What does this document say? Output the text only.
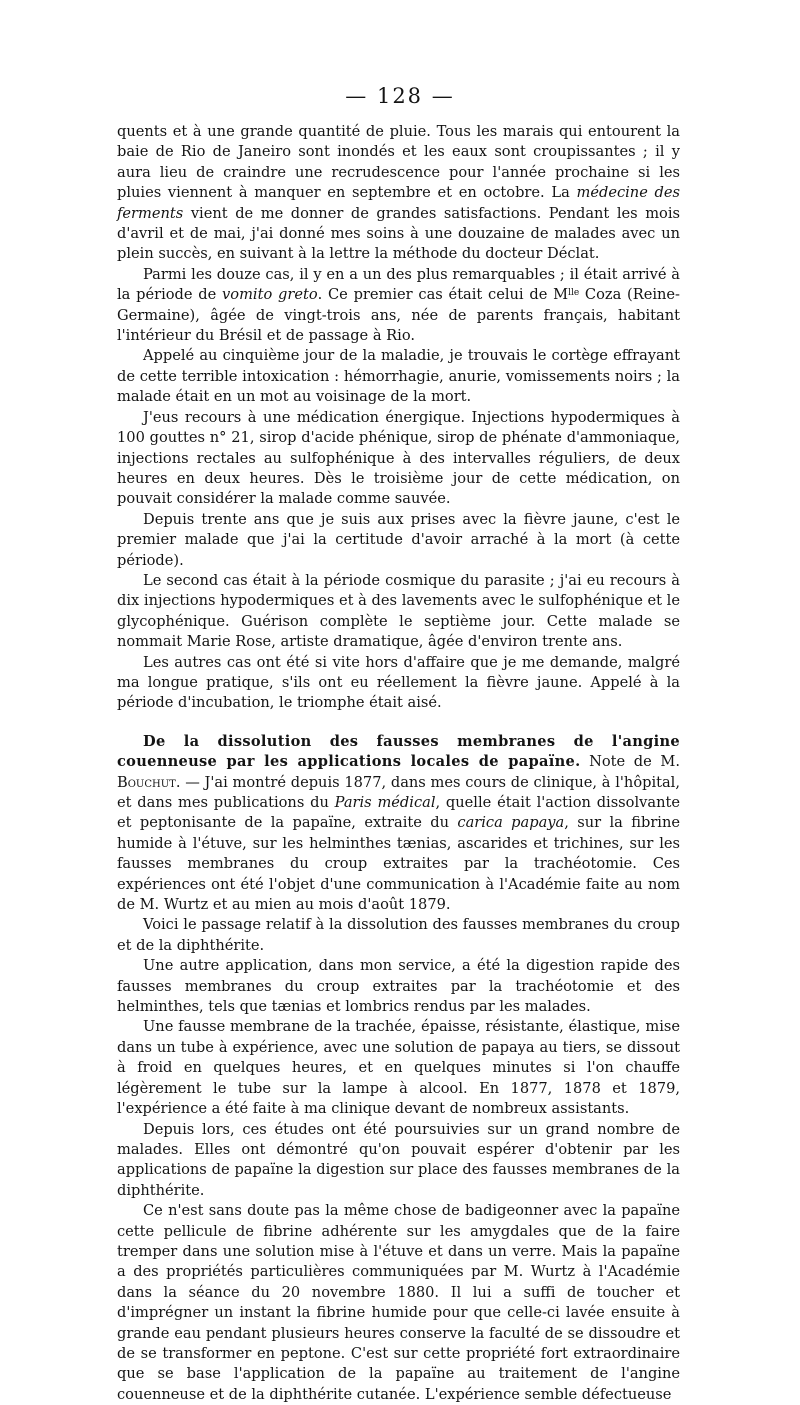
— 128 —

quents et à une grande quantité de pluie. Tous les marais qui entourent la baie de Rio de Janeiro sont inondés et les eaux sont croupissantes ; il y aura lieu de craindre une recrudescence pour l'année prochaine si les pluies viennent à manquer en septembre et en octobre. La médecine des ferments vient de me donner de grandes satisfactions. Pendant les mois d'avril et de mai, j'ai donné mes soins à une douzaine de malades avec un plein succès, en suivant à la lettre la méthode du docteur Déclat.

Parmi les douze cas, il y en a un des plus remarquables ; il était arrivé à la période de vomito greto. Ce premier cas était celui de $M^{lle}$ Coza (Reine-Germaine), âgée de vingt-trois ans, née de parents français, habitant l'intérieur du Brésil et de passage à Rio.

Appelé au cinquième jour de la maladie, je trouvais le cortège effrayant de cette terrible intoxication : hémorrhagie, anurie, vomissements noirs ; la malade était en un mot au voisinage de la mort.

J'eus recours à une médication énergique. Injections hypodermiques à 100 gouttes n° 21, sirop d'acide phénique, sirop de phénate d'ammoniaque, injections rectales au sulfophénique à des intervalles réguliers, de deux heures en deux heures. Dès le troisième jour de cette médication, on pouvait considérer la malade comme sauvée.

Depuis trente ans que je suis aux prises avec la fièvre jaune, c'est le premier malade que j'ai la certitude d'avoir arraché à la mort (à cette période).

Le second cas était à la période cosmique du parasite ; j'ai eu recours à dix injections hypodermiques et à des lavements avec le sulfophénique et le glycophénique. Guérison complète le septième jour. Cette malade se nommait Marie Rose, artiste dramatique, âgée d'environ trente ans.

Les autres cas ont été si vite hors d'affaire que je me demande, malgré ma longue pratique, s'ils ont eu réellement la fièvre jaune. Appelé à la période d'incubation, le triomphe était aisé.

De la dissolution des fausses membranes de l'angine couenneuse par les applications locales de papaïne. Note de M. Bouchut. — J'ai montré depuis 1877, dans mes cours de clinique, à l'hôpital, et dans mes publications du Paris médical, quelle était l'action dissolvante et peptonisante de la papaïne, extraite du carica papaya, sur la fibrine humide à l'étuve, sur les helminthes tænias, ascarides et trichines, sur les fausses membranes du croup extraites par la trachéotomie. Ces expériences ont été l'objet d'une communication à l'Académie faite au nom de M. Wurtz et au mien au mois d'août 1879.

Voici le passage relatif à la dissolution des fausses membranes du croup et de la diphthérite.

Une autre application, dans mon service, a été la digestion rapide des fausses membranes du croup extraites par la trachéotomie et des helminthes, tels que tænias et lombrics rendus par les malades.

Une fausse membrane de la trachée, épaisse, résistante, élastique, mise dans un tube à expérience, avec une solution de papaya au tiers, se dissout à froid en quelques heures, et en quelques minutes si l'on chauffe légèrement le tube sur la lampe à alcool. En 1877, 1878 et 1879, l'expérience a été faite à ma clinique devant de nombreux assistants.

Depuis lors, ces études ont été poursuivies sur un grand nombre de malades. Elles ont démontré qu'on pouvait espérer d'obtenir par les applications de papaïne la digestion sur place des fausses membranes de la diphthérite.

Ce n'est sans doute pas la même chose de badigeonner avec la papaïne cette pellicule de fibrine adhérente sur les amygdales que de la faire tremper dans une solution mise à l'étuve et dans un verre. Mais la papaïne a des propriétés particulières communiquées par M. Wurtz à l'Académie dans la séance du 20 novembre 1880. Il lui a suffi de toucher et d'imprégner un instant la fibrine humide pour que celle-ci lavée ensuite à grande eau pendant plusieurs heures conserve la faculté de se dissoudre et de se transformer en peptone. C'est sur cette propriété fort extraordinaire que se base l'application de la papaïne au traitement de l'angine couenneuse et de la diphthérite cutanée. L'expérience semble défectueuse
